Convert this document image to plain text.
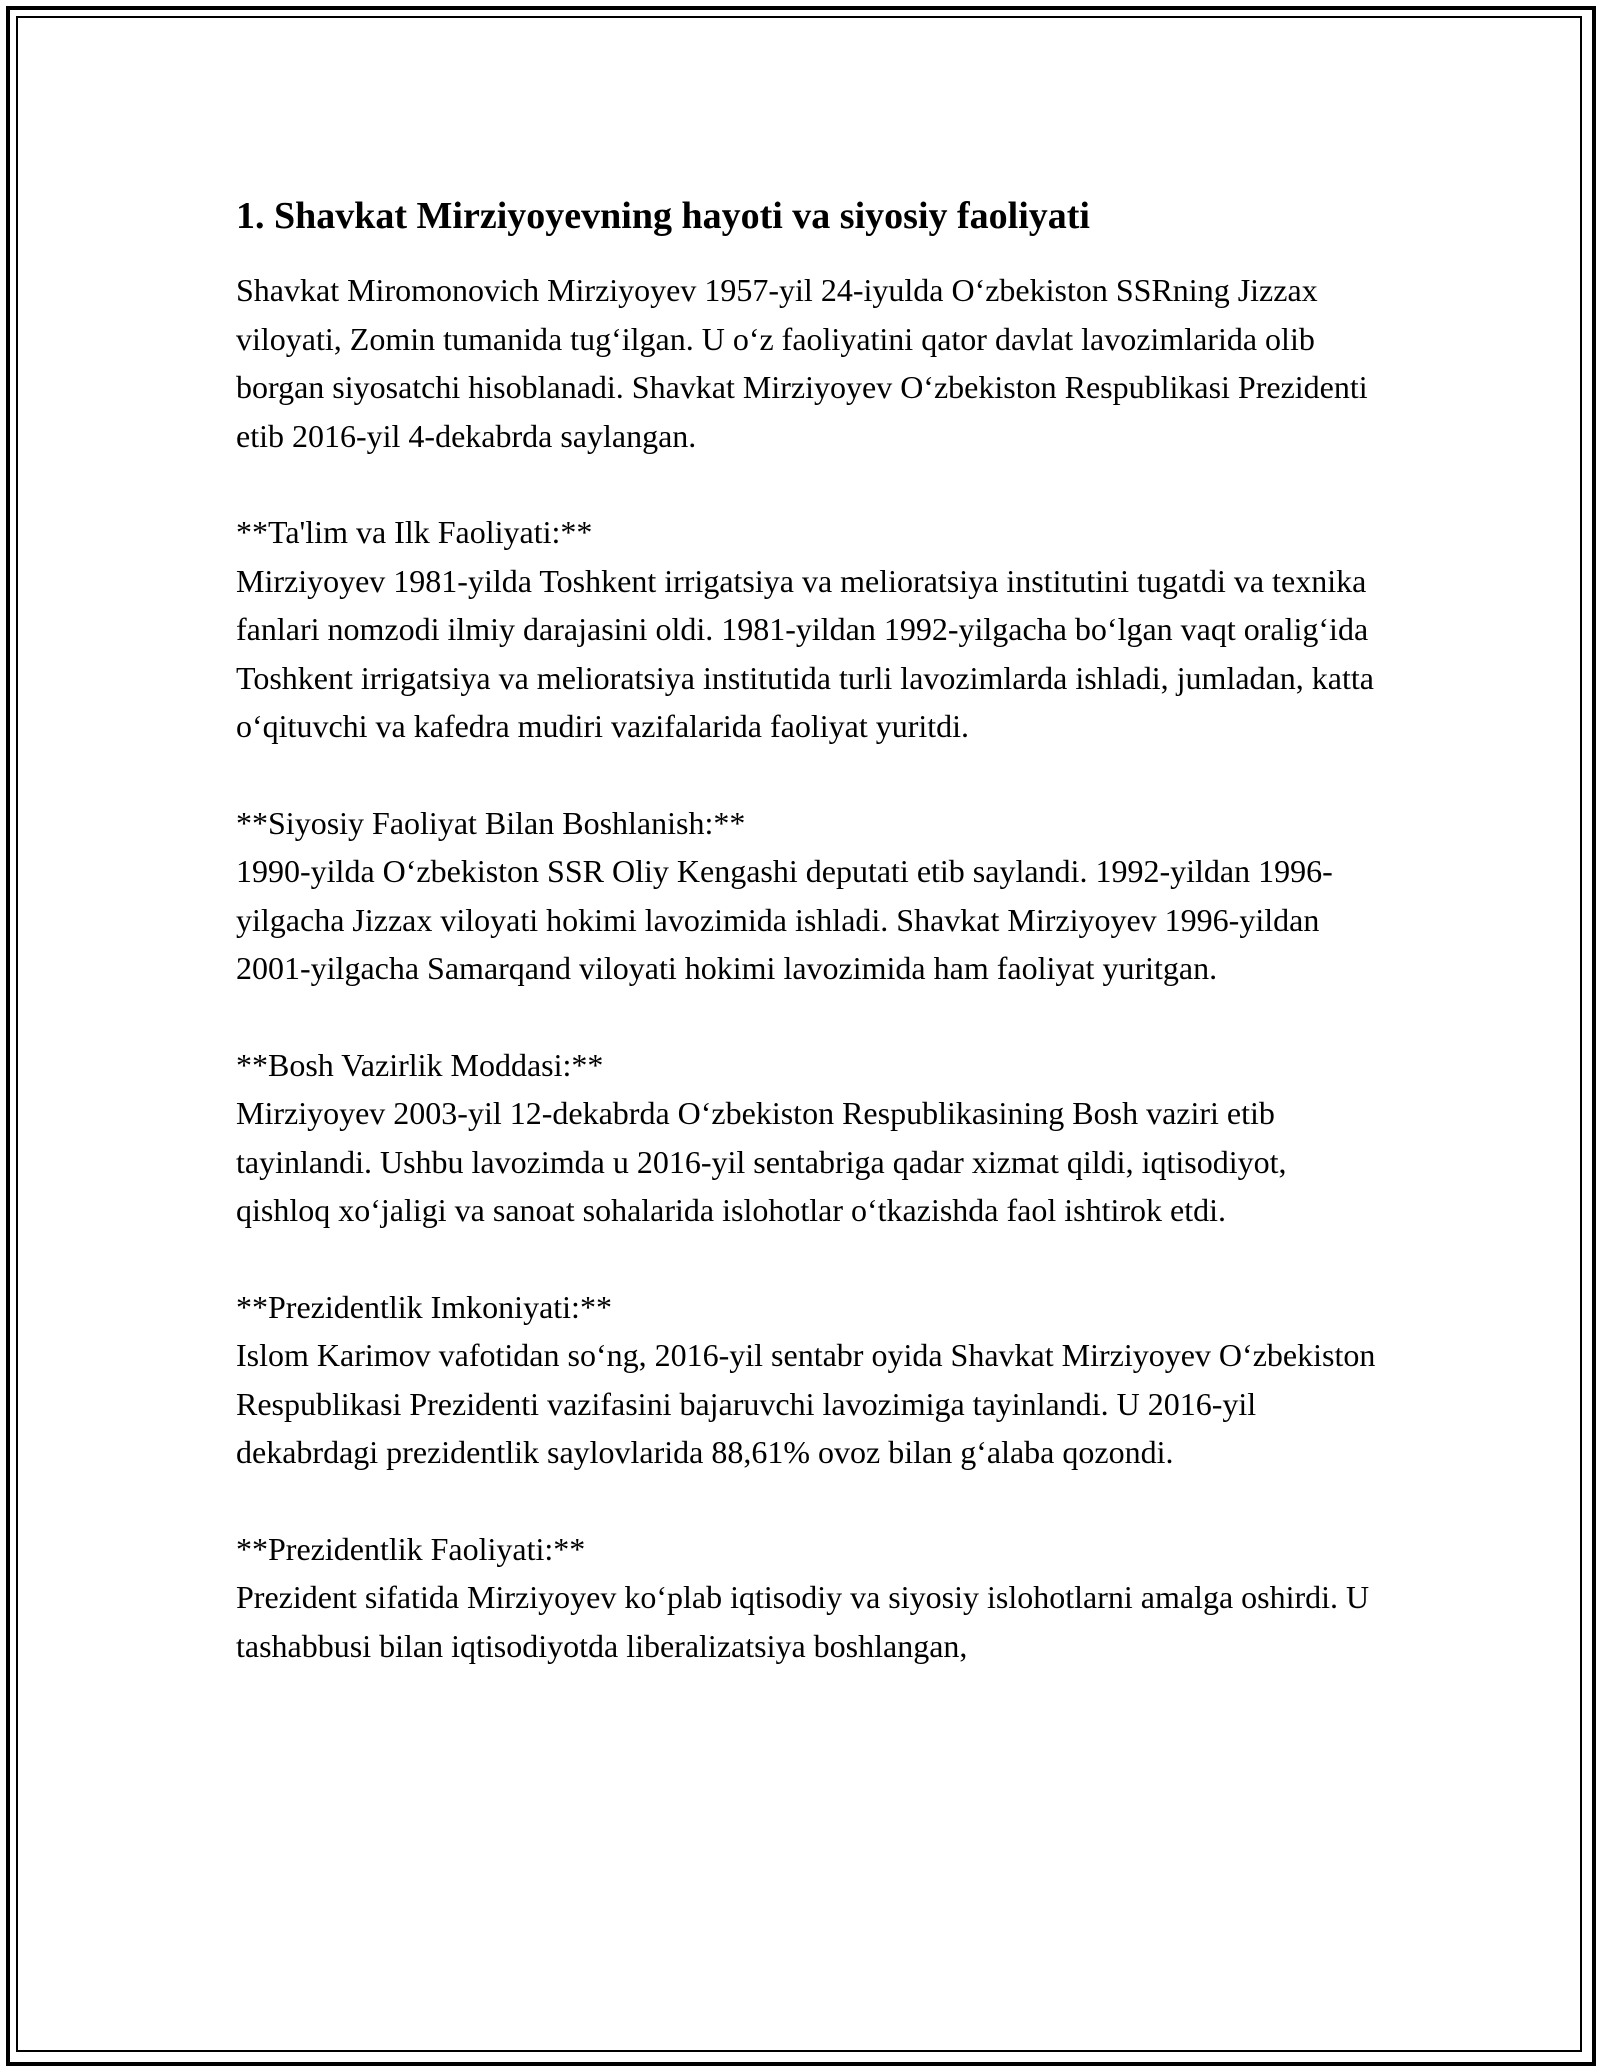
1. Shavkat Mirziyoyevning hayoti va siyosiy faoliyati

Shavkat Miromonovich Mirziyoyev 1957-yil 24-iyulda O‘zbekiston SSRning Jizzax viloyati, Zomin tumanida tug‘ilgan. U o‘z faoliyatini qator davlat lavozimlarida olib borgan siyosatchi hisoblanadi. Shavkat Mirziyoyev O‘zbekiston Respublikasi Prezidenti etib 2016-yil 4-dekabrda saylangan.

**Ta'lim va Ilk Faoliyati:**

Mirziyoyev 1981-yilda Toshkent irrigatsiya va melioratsiya institutini tugatdi va texnika fanlari nomzodi ilmiy darajasini oldi. 1981-yildan 1992-yilgacha bo‘lgan vaqt oralig‘ida Toshkent irrigatsiya va melioratsiya institutida turli lavozimlarda ishladi, jumladan, katta o‘qituvchi va kafedra mudiri vazifalarida faoliyat yuritdi.

**Siyosiy Faoliyat Bilan Boshlanish:**

1990-yilda O‘zbekiston SSR Oliy Kengashi deputati etib saylandi. 1992-yildan 1996-yilgacha Jizzax viloyati hokimi lavozimida ishladi. Shavkat Mirziyoyev 1996-yildan 2001-yilgacha Samarqand viloyati hokimi lavozimida ham faoliyat yuritgan.

**Bosh Vazirlik Moddasi:**

Mirziyoyev 2003-yil 12-dekabrda O‘zbekiston Respublikasining Bosh vaziri etib tayinlandi. Ushbu lavozimda u 2016-yil sentabriga qadar xizmat qildi, iqtisodiyot, qishloq xo‘jaligi va sanoat sohalarida islohotlar o‘tkazishda faol ishtirok etdi.

**Prezidentlik Imkoniyati:**

Islom Karimov vafotidan so‘ng, 2016-yil sentabr oyida Shavkat Mirziyoyev O‘zbekiston Respublikasi Prezidenti vazifasini bajaruvchi lavozimiga tayinlandi. U 2016-yil dekabrdagi prezidentlik saylovlarida 88,61% ovoz bilan g‘alaba qozondi.

**Prezidentlik Faoliyati:**

Prezident sifatida Mirziyoyev ko‘plab iqtisodiy va siyosiy islohotlarni amalga oshirdi. U tashabbusi bilan iqtisodiyotda liberalizatsiya boshlangan,
